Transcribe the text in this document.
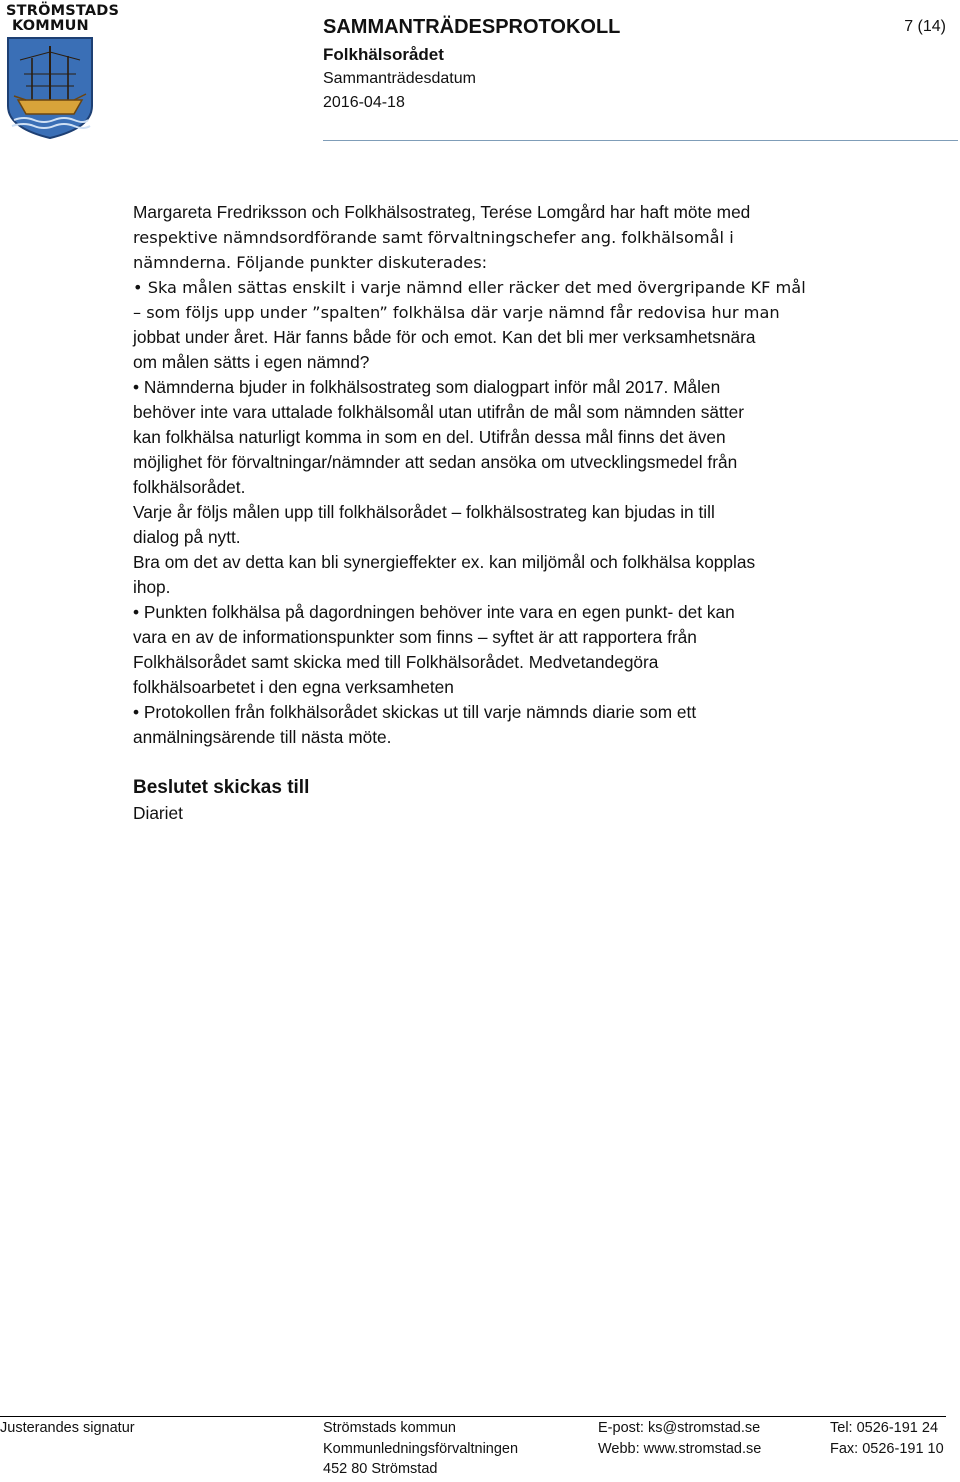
STRÖMSTADS
KOMMUN	SAMMANTRÄDESPROTOKOLL
Folkhälsorådet
Sammanträdesdatum
2016-04-18
7 (14)

Margareta Fredriksson och Folkhälsostrateg, Terése Lomgård har haft möte med

respektive nämndsordförande samt förvaltningschefer ang. folkhälsomål i
nämnderna. Följande punkter diskuterades:
• Ska målen sättas enskilt i varje nämnd eller räcker det med övergripande KF mål
– som följs upp under ”spalten” folkhälsa där varje nämnd får redovisa hur man

jobbat under året. Här fanns både för och emot. Kan det bli mer verksamhetsnära
om målen sätts i egen nämnd?
• Nämnderna bjuder in folkhälsostrateg som dialogpart inför mål 2017. Målen
behöver inte vara uttalade folkhälsomål utan utifrån de mål som nämnden sätter
kan folkhälsa naturligt komma in som en del. Utifrån dessa mål finns det även
möjlighet för förvaltningar/nämnder att sedan ansöka om utvecklingsmedel från
folkhälsorådet.
Varje år följs målen upp till folkhälsorådet – folkhälsostrateg kan bjudas in till
dialog på nytt.
Bra om det av detta kan bli synergieffekter ex. kan miljömål och folkhälsa kopplas
ihop.
• Punkten folkhälsa på dagordningen behöver inte vara en egen punkt- det kan
vara en av de informationspunkter som finns – syftet är att rapportera från
Folkhälsorådet samt skicka med till Folkhälsorådet. Medvetandegöra
folkhälsoarbetet i den egna verksamheten
• Protokollen från folkhälsorådet skickas ut till varje nämnds diarie som ett
anmälningsärende till nästa möte.

Beslutet skickas till
Diariet
Justerandes signatur	Strömstads kommun
Kommunledningsförvaltningen
452 80 Strömstad
E-post: ks@stromstad.se
Webb: www.stromstad.se
Tel: 0526-191 24
Fax: 0526-191 10
